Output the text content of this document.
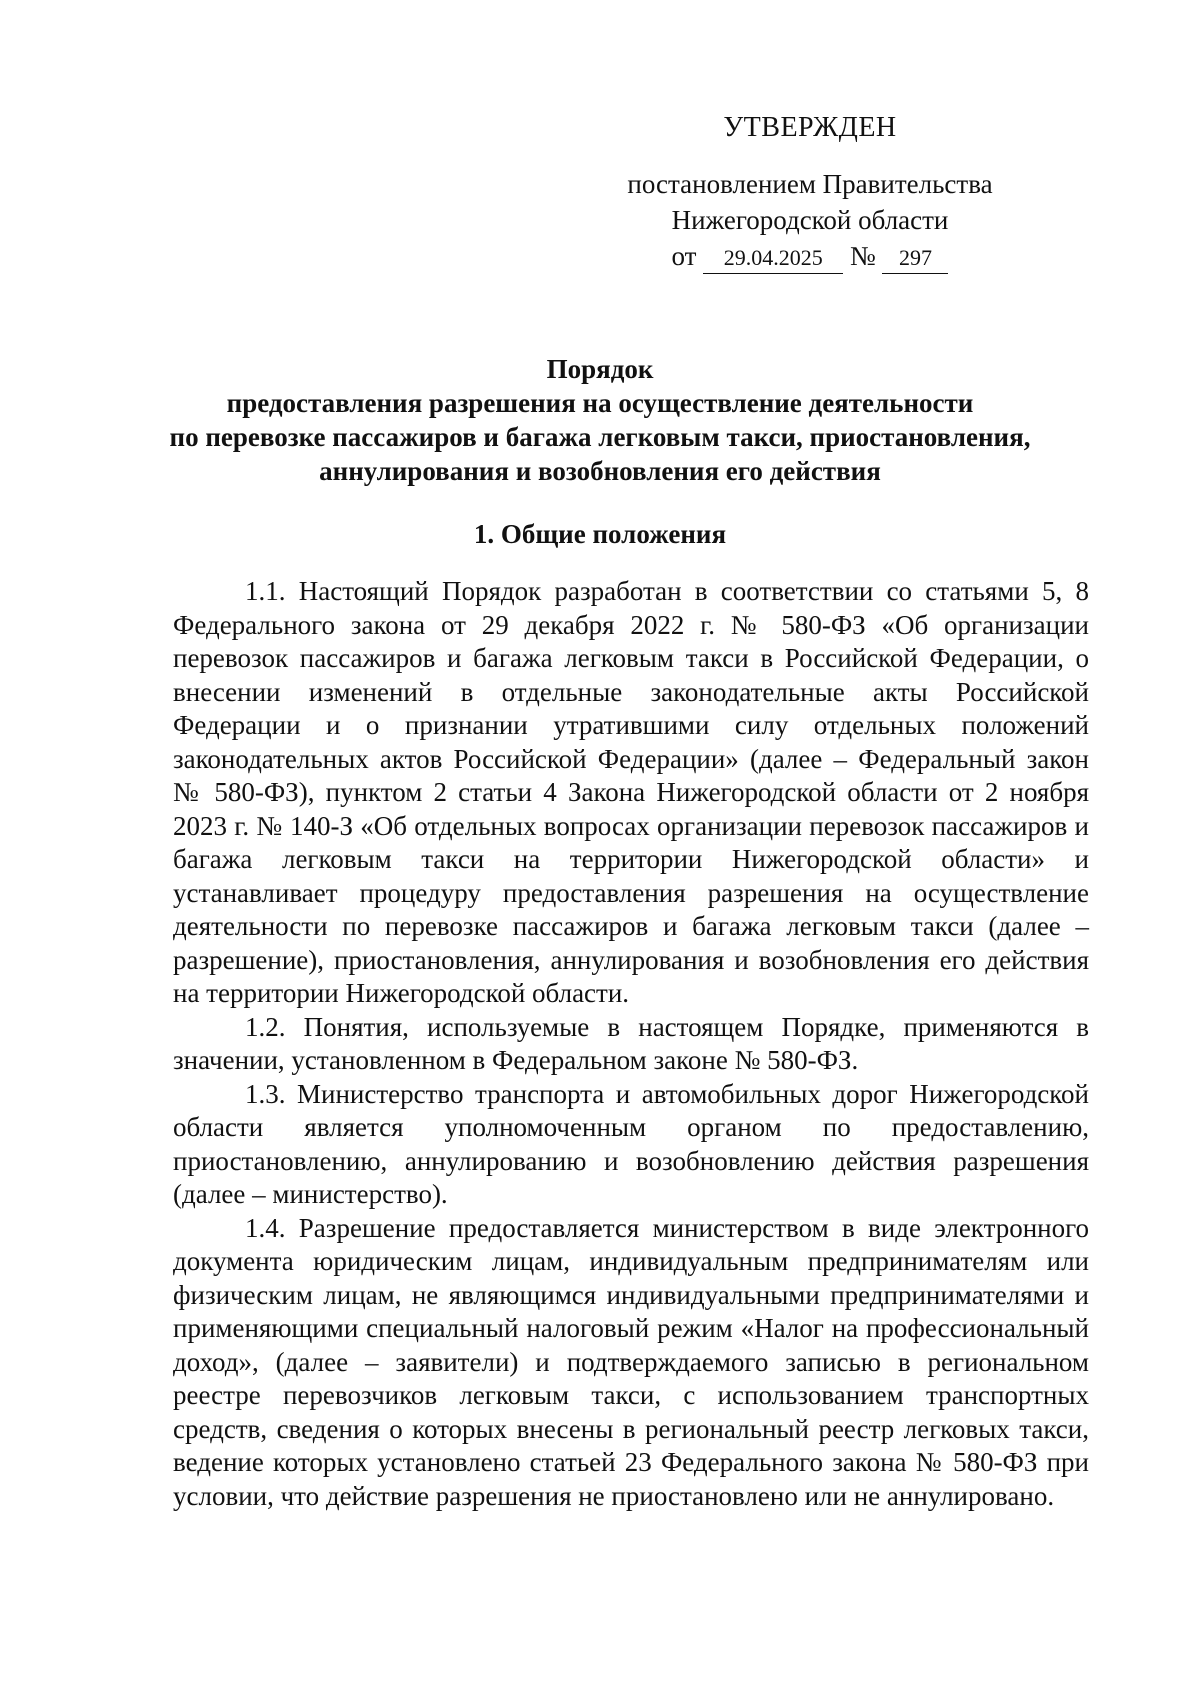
УТВЕРЖДЕН
постановлением Правительства
Нижегородской области
от 29.04.2025 № 297
Порядок
предоставления разрешения на осуществление деятельности
по перевозке пассажиров и багажа легковым такси, приостановления,
аннулирования и возобновления его действия
1. Общие положения

1.1. Настоящий Порядок разработан в соответствии со статьями 5, 8 Федерального закона от 29 декабря 2022 г. № 580-ФЗ «Об организации перевозок пассажиров и багажа легковым такси в Российской Федерации, о внесении изменений в отдельные законодательные акты Российской Федерации и о признании утратившими силу отдельных положений законодательных актов Российской Федерации» (далее – Федеральный закон № 580-ФЗ), пунктом 2 статьи 4 Закона Нижегородской области от 2 ноября 2023 г. № 140-З «Об отдельных вопросах организации перевозок пассажиров и багажа легковым такси на территории Нижегородской области» и устанавливает процедуру предоставления разрешения на осуществление деятельности по перевозке пассажиров и багажа легковым такси (далее – разрешение), приостановления, аннулирования и возобновления его действия на территории Нижегородской области.

1.2. Понятия, используемые в настоящем Порядке, применяются в значении, установленном в Федеральном законе № 580-ФЗ.

1.3. Министерство транспорта и автомобильных дорог Нижегородской области является уполномоченным органом по предоставлению, приостановлению, аннулированию и возобновлению действия разрешения (далее – министерство).

1.4. Разрешение предоставляется министерством в виде электронного документа юридическим лицам, индивидуальным предпринимателям или физическим лицам, не являющимся индивидуальными предпринимателями и применяющими специальный налоговый режим «Налог на профессиональный доход», (далее – заявители) и подтверждаемого записью в региональном реестре перевозчиков легковым такси, с использованием транспортных средств, сведения о которых внесены в региональный реестр легковых такси, ведение которых установлено статьей 23 Федерального закона № 580-ФЗ при условии, что действие разрешения не приостановлено или не аннулировано.
